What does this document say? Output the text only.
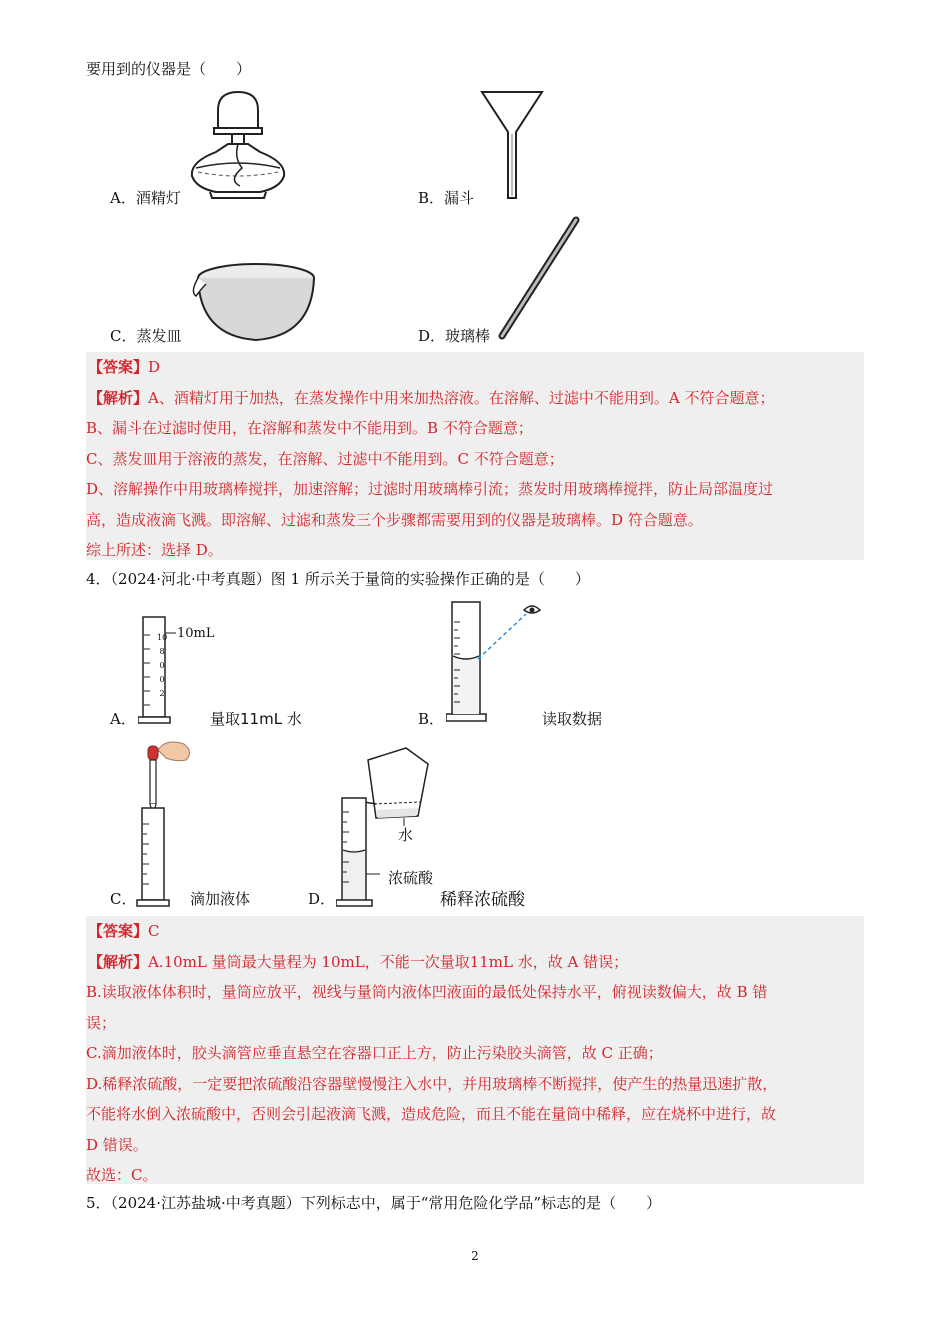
要用到的仪器是（　　）
A．酒精灯	B．漏斗
C．蒸发皿	D．玻璃棒

【答案】D

【解析】A、酒精灯用于加热，在蒸发操作中用来加热溶液。在溶解、过滤中不能用到。A 不符合题意；

B、漏斗在过滤时使用，在溶解和蒸发中不能用到。B 不符合题意；

C、蒸发皿用于溶液的蒸发，在溶解、过滤中不能用到。C 不符合题意；

D、溶解操作中用玻璃棒搅拌，加速溶解；过滤时用玻璃棒引流；蒸发时用玻璃棒搅拌，防止局部温度过

高，造成液滴飞溅。即溶解、过滤和蒸发三个步骤都需要用到的仪器是玻璃棒。D 符合题意。

综上所述：选择 D。

4．（2024·河北·中考真题）图 1 所示关于量筒的实验操作正确的是（　　）
10mL
10
8
0
0
2
A．	量取11mL 水	B．	读取数据
C．	滴加液体
水
浓硫酸
D．	稀释浓硫酸

【答案】C

【解析】A.10mL 量筒最大量程为 10mL，不能一次量取11mL 水，故 A 错误；

B.读取液体体积时，量筒应放平，视线与量筒内液体凹液面的最低处保持水平，俯视读数偏大，故 B 错

误；

C.滴加液体时，胶头滴管应垂直悬空在容器口正上方，防止污染胶头滴管，故 C 正确；

D.稀释浓硫酸，一定要把浓硫酸沿容器壁慢慢注入水中，并用玻璃棒不断搅拌，使产生的热量迅速扩散，

不能将水倒入浓硫酸中，否则会引起液滴飞溅，造成危险，而且不能在量筒中稀释，应在烧杯中进行，故

D 错误。

故选：C。

5．（2024·江苏盐城·中考真题）下列标志中，属于“常用危险化学品”标志的是（　　）
2
